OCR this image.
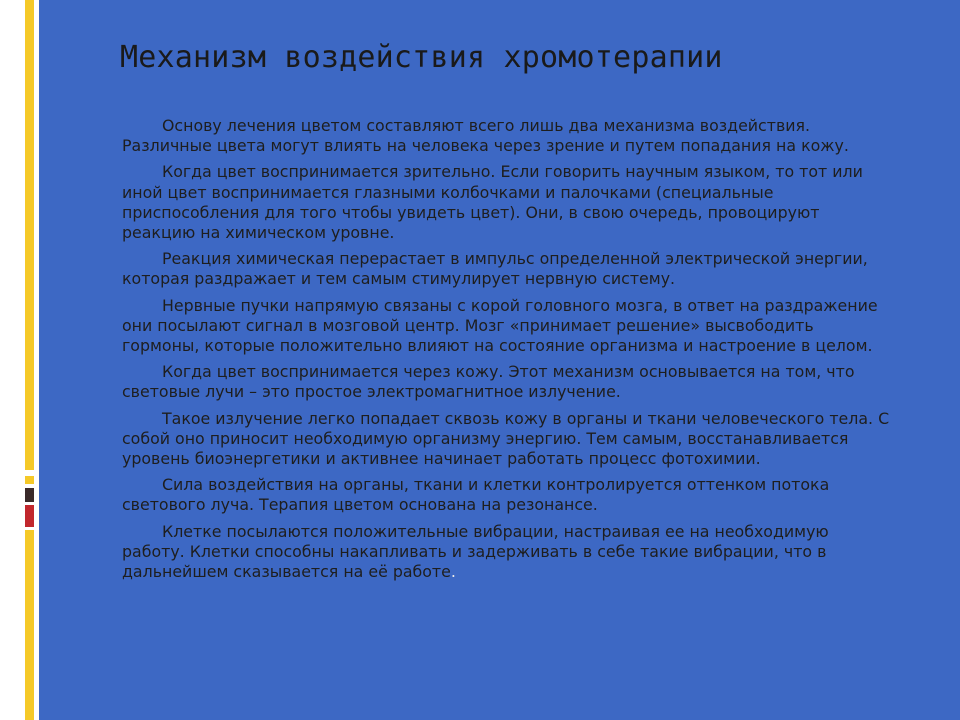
Механизм воздействия хромотерапии

Основу лечения цветом составляют всего лишь два механизма воздействия. Различные цвета могут влиять на человека через зрение и путем попадания на кожу.

Когда цвет воспринимается зрительно. Если говорить научным языком, то тот или иной цвет воспринимается глазными колбочками и палочками (специальные приспособления для того чтобы увидеть цвет). Они, в свою очередь, провоцируют реакцию на химическом уровне.

Реакция химическая перерастает в импульс определенной электрической энергии, которая раздражает и тем самым стимулирует нервную систему.

Нервные пучки напрямую связаны с корой головного мозга, в ответ на раздражение они посылают сигнал в мозговой центр. Мозг «принимает решение» высвободить гормоны, которые положительно влияют на состояние организма и настроение в целом.

Когда цвет воспринимается через кожу. Этот механизм основывается на том, что световые лучи – это простое электромагнитное излучение.

Такое излучение легко попадает сквозь кожу в органы и ткани человеческого тела. С собой оно приносит необходимую организму энергию. Тем самым, восстанавливается уровень биоэнергетики и активнее начинает работать процесс фотохимии.

Сила воздействия на органы, ткани и клетки контролируется оттенком потока светового луча. Терапия цветом основана на резонансе.

Клетке посылаются положительные вибрации, настраивая ее на необходимую работу. Клетки способны накапливать и задерживать в себе такие вибрации, что в дальнейшем сказывается на её работе.
